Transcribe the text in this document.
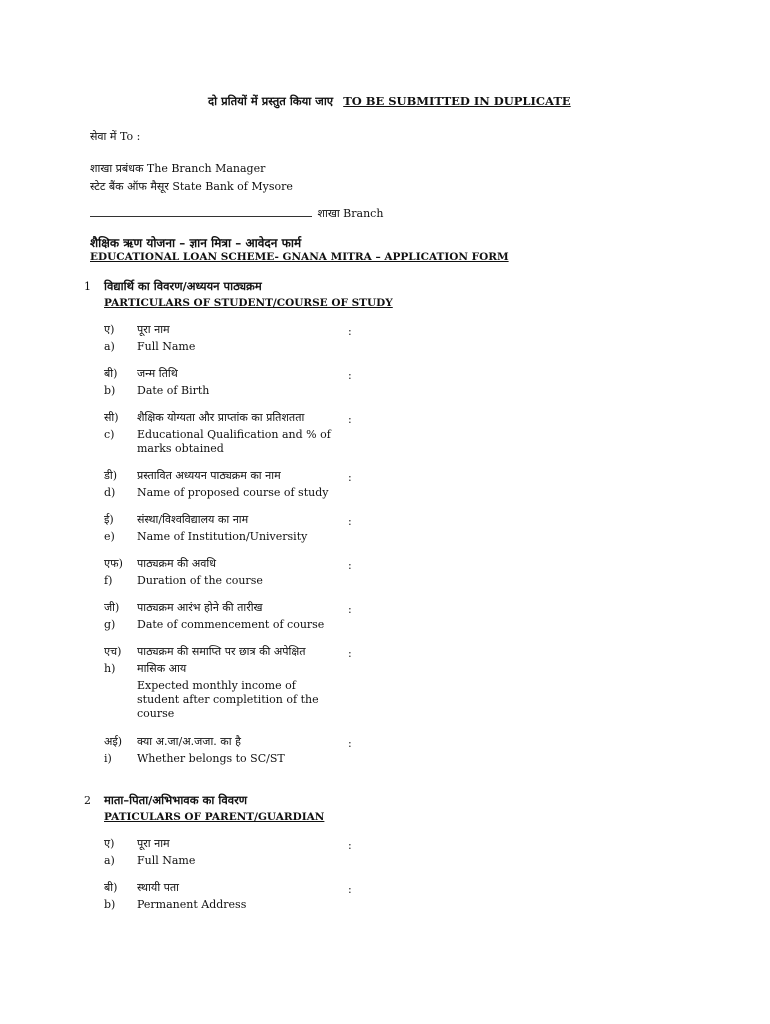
दो प्रतियों में प्रस्तुत किया जाए TO BE SUBMITTED IN DUPLICATE
सेवा में To :
शाखा प्रबंधक The Branch Manager
स्टेट बैंक ऑफ मैसूर State Bank of Mysore
शाखा Branch
शैक्षिक ऋण योजना – ज्ञान मित्रा – आवेदन फार्म
EDUCATIONAL LOAN SCHEME- GNANA MITRA – APPLICATION FORM
1 विद्यार्थि का विवरण/अध्ययन पाठ्यक्रम
PARTICULARS OF STUDENT/COURSE OF STUDY
ए)	पूरा नाम
a)	Full Name
:
बी)	जन्म तिथि
b)	Date of Birth
:
सी)	शैक्षिक योग्यता और प्राप्तांक का प्रतिशतता
c)	Educational Qualification and % of marks obtained
:
डी)	प्रस्तावित अध्ययन पाठ्यक्रम का नाम
d)	Name of proposed course of study
:
ई)	संस्था/विश्वविद्यालय का नाम
e)	Name of Institution/University
:
एफ)	पाठ्यक्रम की अवधि
f)	Duration of the course
:
जी)	पाठ्यक्रम आरंभ होने की तारीख
g)	Date of commencement of course
:
एच)	पाठ्यक्रम की समाप्ति पर छात्र की अपेक्षित
h)	मासिक आय
Expected monthly income of student after completition of the course
:
अई)	क्या अ.जा/अ.जजा. का है
i)	Whether belongs to SC/ST
:
2 माता–पिता/अभिभावक का विवरण
PATICULARS OF PARENT/GUARDIAN
ए)	पूरा नाम
a)	Full Name
:
बी)	स्थायी पता
b)	Permanent Address
:
